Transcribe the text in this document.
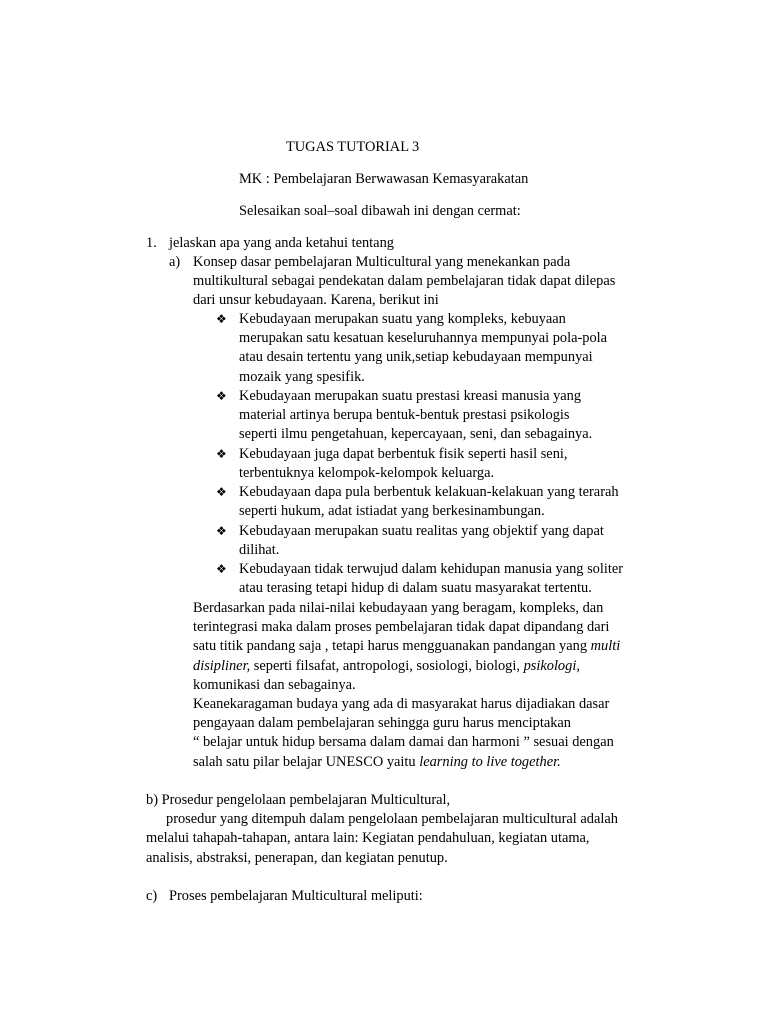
TUGAS TUTORIAL 3
MK : Pembelajaran Berwawasan Kemasyarakatan
Selesaikan soal–soal dibawah ini dengan cermat:
1. jelaskan apa yang anda ketahui tentang
a) Konsep dasar pembelajaran Multicultural yang menekankan pada
multikultural sebagai pendekatan dalam pembelajaran tidak dapat dilepas
dari unsur kebudayaan. Karena, berikut ini
❖ Kebudayaan merupakan suatu yang kompleks, kebuyaan
merupakan satu kesatuan keseluruhannya mempunyai pola-pola
atau desain tertentu yang unik,setiap kebudayaan mempunyai
mozaik yang spesifik.
❖ Kebudayaan merupakan suatu prestasi kreasi manusia yang
material artinya berupa bentuk-bentuk prestasi psikologis
seperti ilmu pengetahuan, kepercayaan, seni, dan sebagainya.
❖ Kebudayaan juga dapat berbentuk fisik seperti hasil seni,
terbentuknya kelompok-kelompok keluarga.
❖ Kebudayaan dapa pula berbentuk kelakuan-kelakuan yang terarah
seperti hukum, adat istiadat yang berkesinambungan.
❖ Kebudayaan merupakan suatu realitas yang objektif yang dapat
dilihat.
❖ Kebudayaan tidak terwujud dalam kehidupan manusia yang soliter
atau terasing tetapi hidup di dalam suatu masyarakat tertentu.
Berdasarkan pada nilai-nilai kebudayaan yang beragam, kompleks, dan
terintegrasi maka dalam proses pembelajaran tidak dapat dipandang dari
satu titik pandang saja , tetapi harus mengguanakan pandangan yang multi
disipliner, seperti filsafat, antropologi, sosiologi, biologi, psikologi,
komunikasi dan sebagainya.
Keanekaragaman budaya yang ada di masyarakat harus dijadiakan dasar
pengayaan dalam pembelajaran sehingga guru harus menciptakan
“ belajar untuk hidup bersama dalam damai dan harmoni ” sesuai dengan
salah satu pilar belajar UNESCO yaitu learning to live together.
b) Prosedur pengelolaan pembelajaran Multicultural,
prosedur yang ditempuh dalam pengelolaan pembelajaran multicultural adalah
melalui tahapah-tahapan, antara lain: Kegiatan pendahuluan, kegiatan utama,
analisis, abstraksi, penerapan, dan kegiatan penutup.
c) Proses pembelajaran Multicultural meliputi:
